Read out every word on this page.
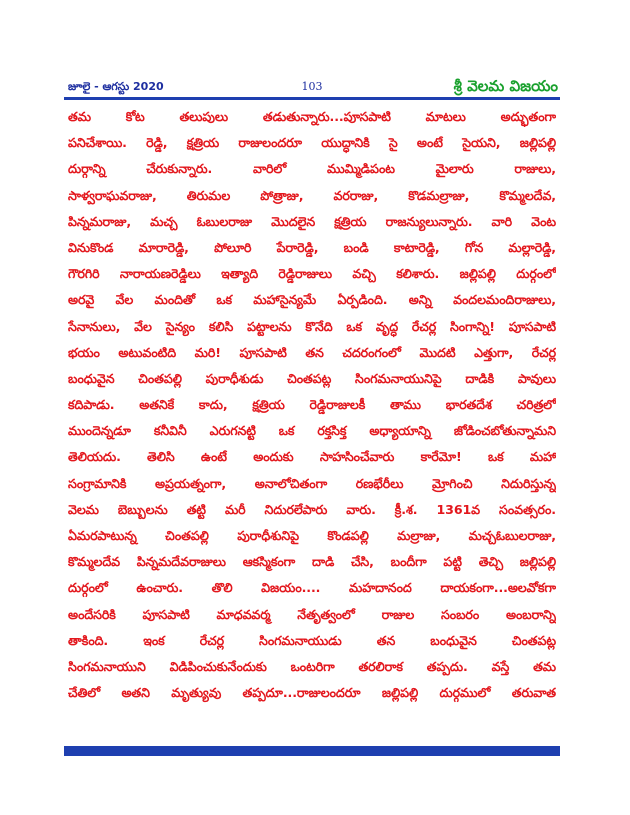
జూలై - ఆగస్టు 2020	103	శ్రీ వెలమ విజయం
తమ కోట తలుపులు తడుతున్నారు...పూసపాటి మాటలు అద్భుతంగా
పనిచేశాయి. రెడ్డి, క్షత్రియ రాజులందరూ యుద్ధానికి సై అంటే సైయని, జల్లిపల్లి
దుర్గాన్ని చేరుకున్నారు. వారిలో ముమ్మిడిపంట మైలారు రాజులు,
సాళ్వరాఘవరాజు, తిరుమల పోత్రాజు, వరరాజు, కొడమల్రాజు, కొమ్మలదేవ,
పిన్నమరాజు, మచ్చ ఓబులరాజు మొదలైన క్షత్రియ రాజన్యులున్నారు. వారి వెంట
వినుకొండ మారారెడ్డి, పోలూరి పేరారెడ్డి, బండి కాటారెడ్డి, గోన మల్లారెడ్డి,
గౌరగిరి నారాయణరెడ్డిలు ఇత్యాది రెడ్డిరాజులు వచ్చి కలిశారు. జల్లిపల్లి దుర్గంలో
అరవై వేల మందితో ఒక మహాసైన్యమే ఏర్పడింది. అన్ని వందలమందిరాజులు,
సేనానులు, వేల సైన్యం కలిసి పట్టాలను కొనేది ఒక వృద్ధ రేచర్ల సింగాన్ని! పూసపాటి
భయం అటువంటిది మరి! పూసపాటి తన చదరంగంలో మొదటి ఎత్తుగా, రేచర్ల
బంధువైన చింతపల్లి పురాధీశుడు చింతపట్ల సింగమనాయునిపై దాడికి పావులు
కదిపాడు. అతనికే కాదు, క్షత్రియ రెడ్డిరాజులకీ తాము భారతదేశ చరిత్రలో
ముందెన్నడూ కనీవినీ ఎరుగనట్టి ఒక రక్తసిక్త అధ్యాయాన్ని జోడించబోతున్నామని
తెలియదు. తెలిసి ఉంటే అందుకు సాహసించేవారు కారేమో! ఒక మహా
సంగ్రామానికి అప్రయత్నంగా, అనాలోచితంగా రణభేరీలు మ్రోగించి నిదురిస్తున్న
వెలమ బెబ్బులను తట్టి మరీ నిదురలేపారు వారు. క్రీ.శ. 1361వ సంవత్సరం.
ఏమరపాటున్న చింతపల్లి పురాధీశునిపై కొండపల్లి మల్రాజు, మచ్చఓబులరాజు,
కొమ్మలదేవ పిన్నమదేవరాజులు ఆకస్మికంగా దాడి చేసి, బందీగా పట్టి తెచ్చి జల్లిపల్లి
దుర్గంలో ఉంచారు. తొలి విజయం.... మహదానంద దాయకంగా...అలవోకగా
అందేసరికి పూసపాటి మాధవవర్మ నేతృత్వంలో రాజుల సంబరం అంబరాన్ని
తాకింది. ఇంక రేచర్ల సింగమనాయుడు తన బంధువైన చింతపట్ల
సింగమనాయుని విడిపించుకునేందుకు ఒంటరిగా తరలిరాక తప్పదు. వస్తే తమ
చేతిలో అతని మృత్యువు తప్పదూ...రాజులందరూ జల్లిపల్లి దుర్గములో తరువాత
